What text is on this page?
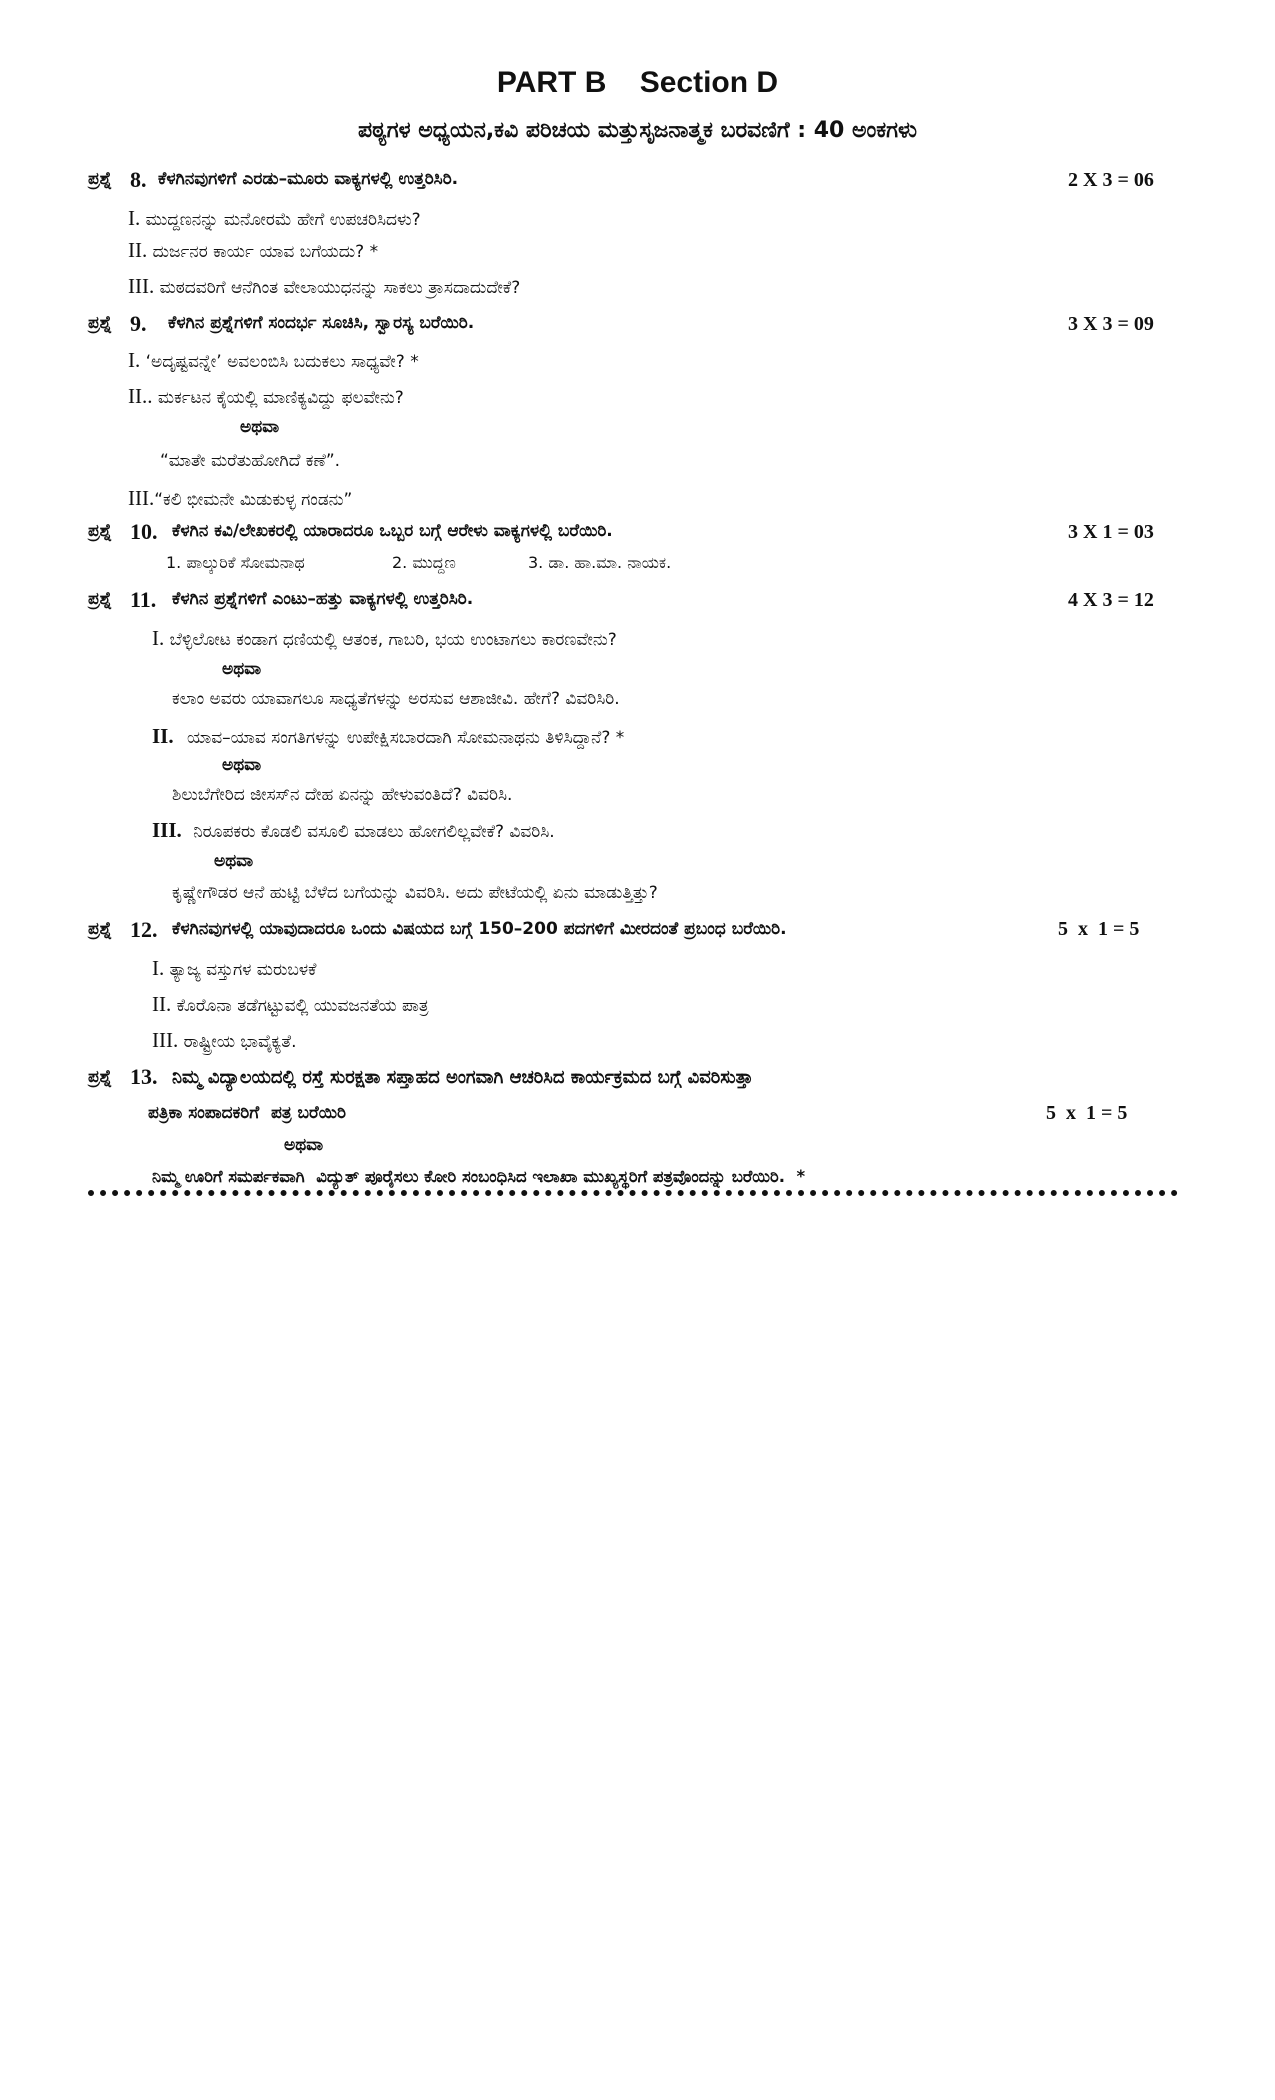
PART B    Section D
ಪಠ್ಯಗಳ ಅಧ್ಯಯನ,ಕವಿ ಪರಿಚಯ ಮತ್ತುಸೃಜನಾತ್ಮಕ ಬರವಣಿಗೆ : 40 ಅಂಕಗಳು
ಪ್ರಶ್ನೆ 8. ಕೆಳಗಿನವುಗಳಿಗೆ ಎರಡು–ಮೂರು ವಾಕ್ಯಗಳಲ್ಲಿ ಉತ್ತರಿಸಿರಿ.	2 X 3 = 06
I. ಮುದ್ದಣನನ್ನು ಮನೋರಮೆ ಹೇಗೆ ಉಪಚರಿಸಿದಳು?
II. ದುರ್ಜನರ ಕಾರ್ಯ ಯಾವ ಬಗೆಯದು? *
III. ಮಠದವರಿಗೆ ಆನೆಗಿಂತ ವೇಲಾಯುಧನನ್ನು ಸಾಕಲು ತ್ರಾಸದಾದುದೇಕೆ?
ಪ್ರಶ್ನೆ 9. ಕೆಳಗಿನ ಪ್ರಶ್ನೆಗಳಿಗೆ ಸಂದರ್ಭ ಸೂಚಿಸಿ, ಸ್ವಾರಸ್ಯ ಬರೆಯಿರಿ.	3 X 3 = 09
I. ‘ಅದೃಷ್ಟವನ್ನೇ’ ಅವಲಂಬಿಸಿ ಬದುಕಲು ಸಾಧ್ಯವೇ? *
II.. ಮರ್ಕಟನ ಕೈಯಲ್ಲಿ ಮಾಣಿಕ್ಯವಿದ್ದು ಫಲವೇನು?
ಅಥವಾ
“ಮಾತೇ ಮರೆತುಹೋಗಿದೆ ಕಣೆ”.
III.“ಕಲಿ ಭೀಮನೇ ಮಿಡುಕುಳ್ಳ ಗಂಡನು”
ಪ್ರಶ್ನೆ 10. ಕೆಳಗಿನ ಕವಿ/ಲೇಖಕರಲ್ಲಿ ಯಾರಾದರೂ ಒಬ್ಬರ ಬಗ್ಗೆ ಆರೇಳು ವಾಕ್ಯಗಳಲ್ಲಿ ಬರೆಯಿರಿ.	3 X 1 = 03
1. ಪಾಲ್ಕುರಿಕೆ ಸೋಮನಾಥ	2. ಮುದ್ದಣ	3. ಡಾ. ಹಾ.ಮಾ. ನಾಯಕ.
ಪ್ರಶ್ನೆ 11. ಕೆಳಗಿನ ಪ್ರಶ್ನೆಗಳಿಗೆ ಎಂಟು–ಹತ್ತು ವಾಕ್ಯಗಳಲ್ಲಿ ಉತ್ತರಿಸಿರಿ.	4 X 3 = 12
I. ಬೆಳ್ಳಿಲೋಟ ಕಂಡಾಗ ಧಣಿಯಲ್ಲಿ ಆತಂಕ, ಗಾಬರಿ, ಭಯ ಉಂಟಾಗಲು ಕಾರಣವೇನು?
ಅಥವಾ
ಕಲಾಂ ಅವರು ಯಾವಾಗಲೂ ಸಾಧ್ಯತೆಗಳನ್ನು ಅರಸುವ ಆಶಾಜೀವಿ. ಹೇಗೆ? ವಿವರಿಸಿರಿ.
II. ಯಾವ–ಯಾವ ಸಂಗತಿಗಳನ್ನು ಉಪೇಕ್ಷಿಸಬಾರದಾಗಿ ಸೋಮನಾಥನು ತಿಳಿಸಿದ್ದಾನೆ? *
ಅಥವಾ
ಶಿಲುಬೆಗೇರಿದ ಜೀಸಸ್‌ನ ದೇಹ ಏನನ್ನು ಹೇಳುವಂತಿದೆ? ವಿವರಿಸಿ.
III. ನಿರೂಪಕರು ಕೊಡಲಿ ವಸೂಲಿ ಮಾಡಲು ಹೋಗಲಿಲ್ಲವೇಕೆ? ವಿವರಿಸಿ.
ಅಥವಾ
ಕೃಷ್ಣೇಗೌಡರ ಆನೆ ಹುಟ್ಟಿ ಬೆಳೆದ ಬಗೆಯನ್ನು ವಿವರಿಸಿ. ಅದು ಪೇಟೆಯಲ್ಲಿ ಏನು ಮಾಡುತ್ತಿತ್ತು?
ಪ್ರಶ್ನೆ 12. ಕೆಳಗಿನವುಗಳಲ್ಲಿ ಯಾವುದಾದರೂ ಒಂದು ವಿಷಯದ ಬಗ್ಗೆ 150–200 ಪದಗಳಿಗೆ ಮೀರದಂತೆ ಪ್ರಬಂಧ ಬರೆಯಿರಿ.	5  x  1 = 5
I. ತ್ಯಾಜ್ಯ ವಸ್ತುಗಳ ಮರುಬಳಕೆ
II. ಕೊರೊನಾ ತಡೆಗಟ್ಟುವಲ್ಲಿ ಯುವಜನತೆಯ ಪಾತ್ರ
III. ರಾಷ್ಟ್ರೀಯ ಭಾವೈಕ್ಯತೆ.
ಪ್ರಶ್ನೆ 13. ನಿಮ್ಮ ವಿದ್ಯಾಲಯದಲ್ಲಿ ರಸ್ತೆ ಸುರಕ್ಷತಾ ಸಪ್ತಾಹದ ಅಂಗವಾಗಿ ಆಚರಿಸಿದ ಕಾರ್ಯಕ್ರಮದ ಬಗ್ಗೆ ವಿವರಿಸುತ್ತಾ
ಪತ್ರಿಕಾ ಸಂಪಾದಕರಿಗೆ  ಪತ್ರ ಬರೆಯಿರಿ	5  x  1 = 5
ಅಥವಾ
ನಿಮ್ಮ ಊರಿಗೆ ಸಮರ್ಪಕವಾಗಿ  ವಿದ್ಯುತ್ ಪೂರೈಸಲು ಕೋರಿ ಸಂಬಂಧಿಸಿದ ಇಲಾಖಾ ಮುಖ್ಯಸ್ಥರಿಗೆ ಪತ್ರವೊಂದನ್ನು ಬರೆಯಿರಿ.  *
